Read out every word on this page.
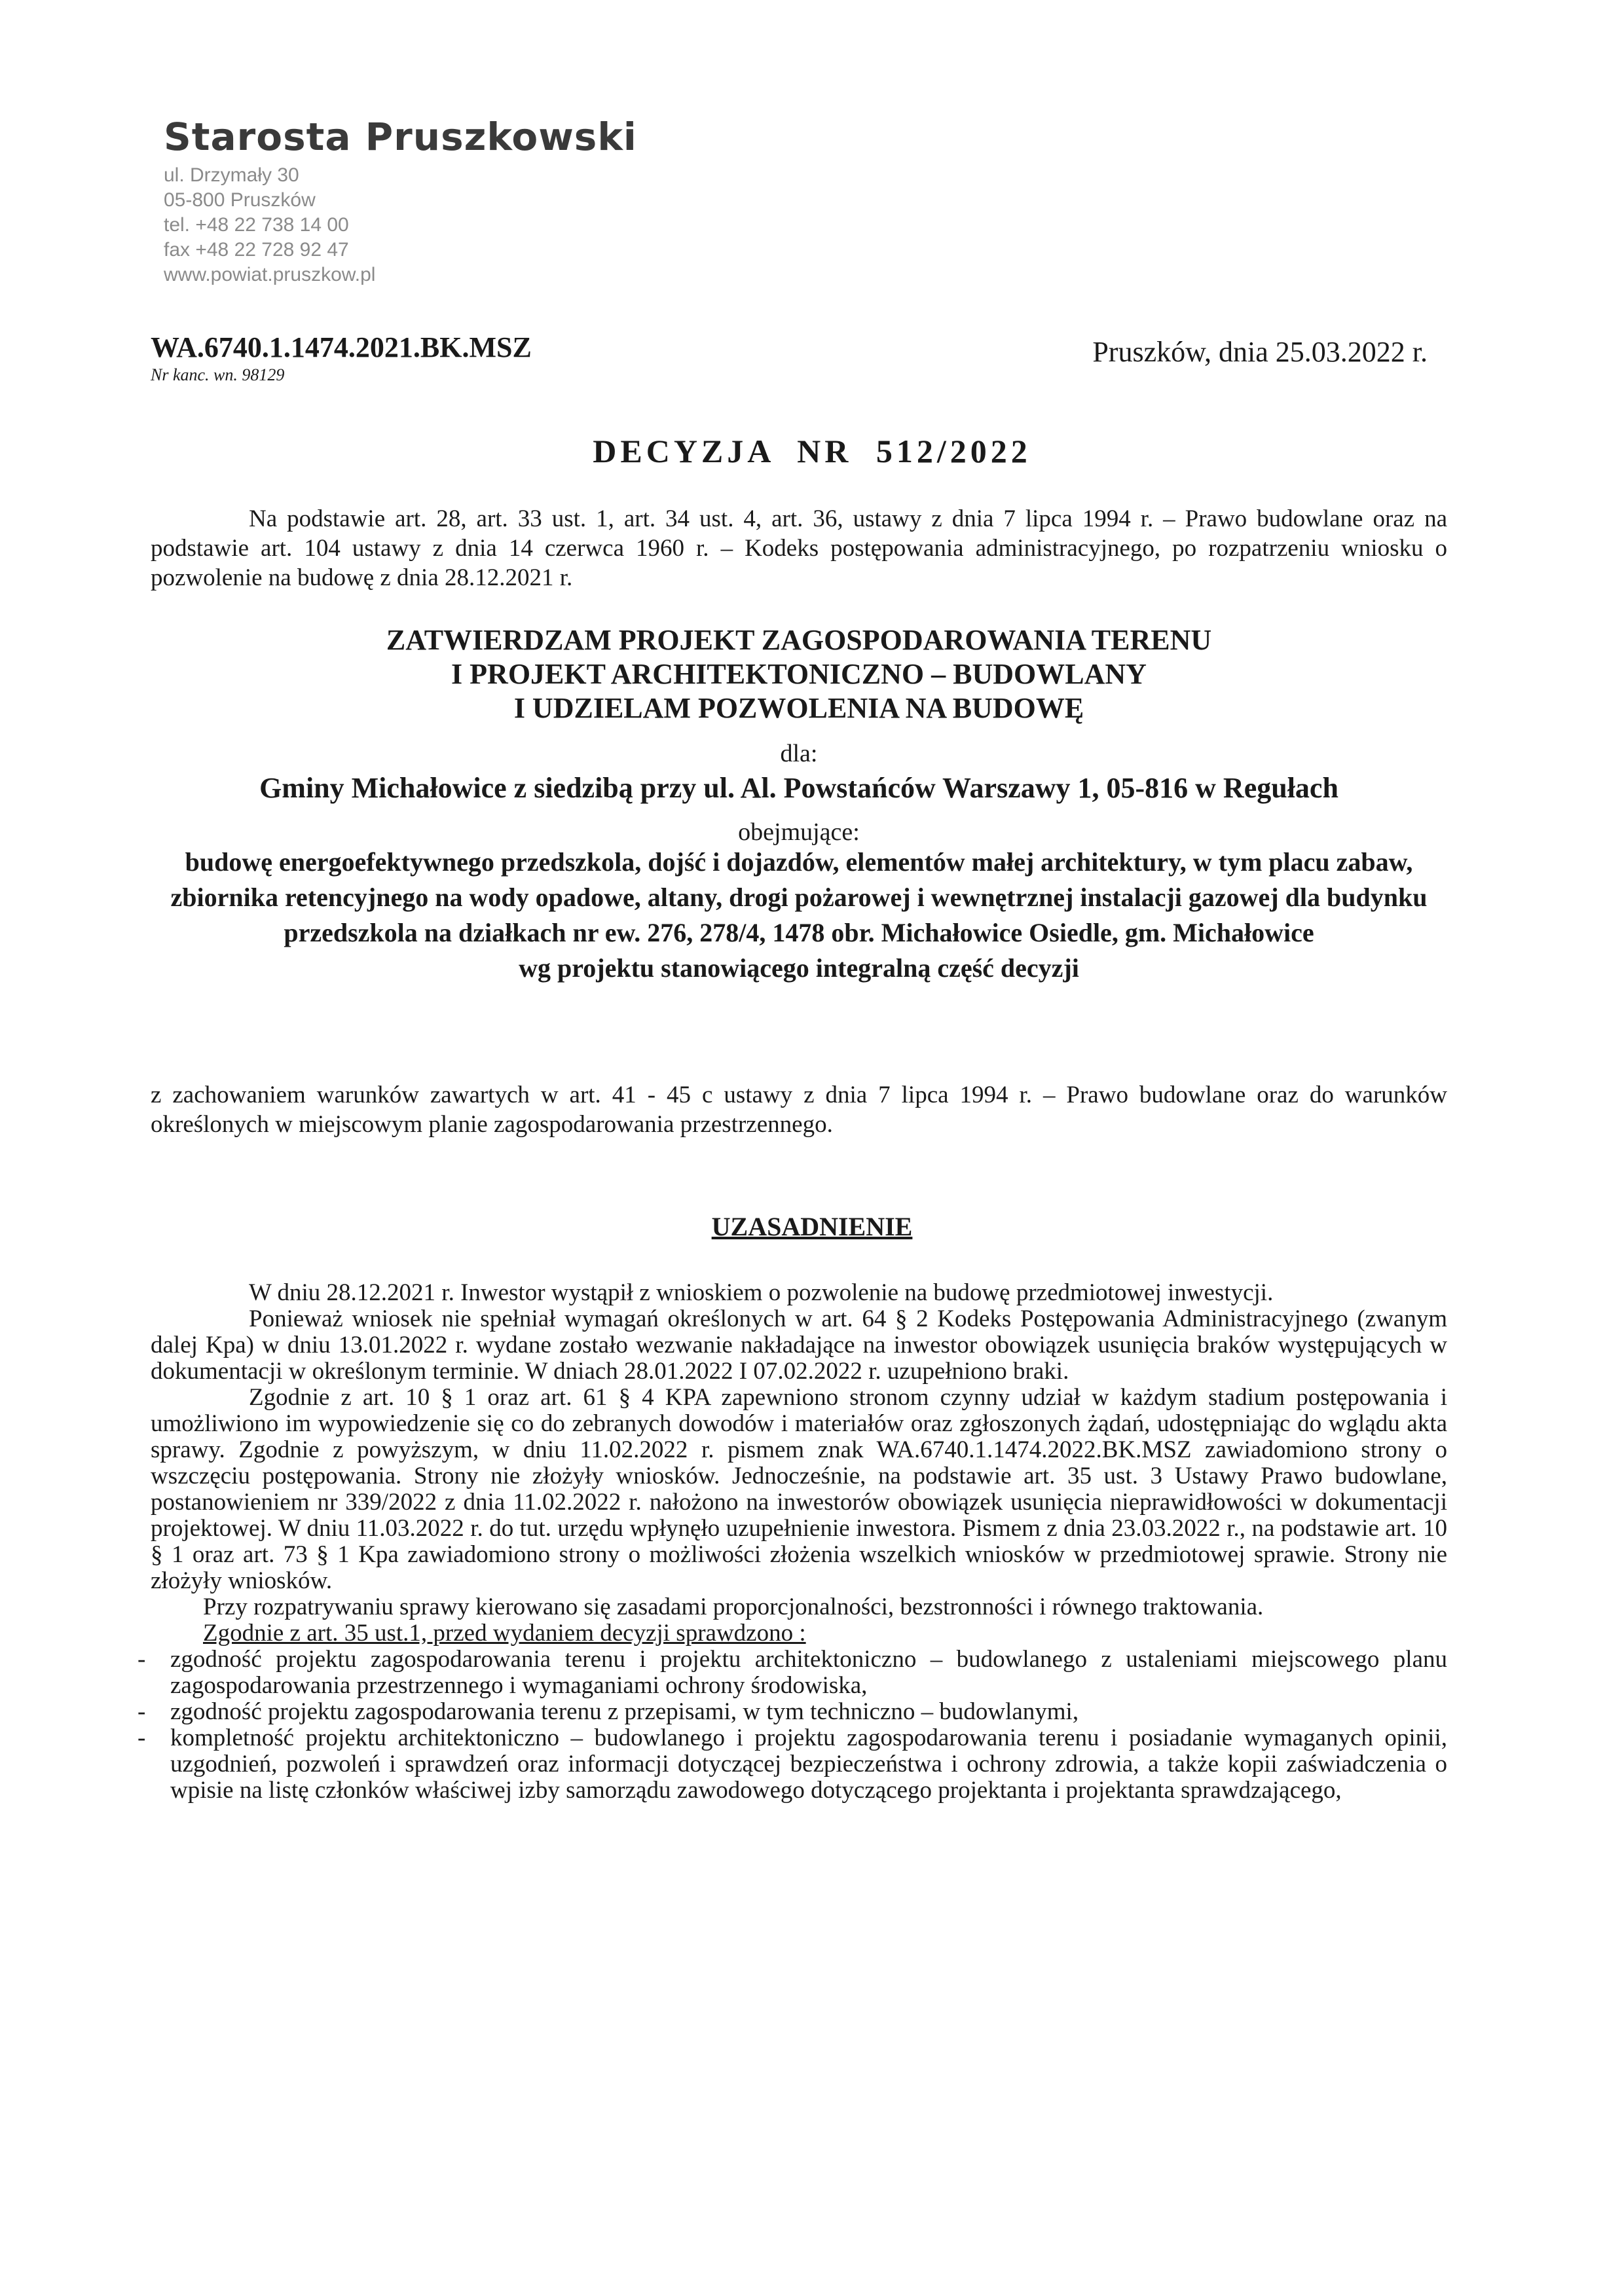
Starosta Pruszkowski

ul. Drzymały 30
05-800 Pruszków
tel. +48 22 738 14 00
fax +48 22 728 92 47
www.powiat.pruszkow.pl

WA.6740.1.1474.2021.BK.MSZ

Nr kanc. wn. 98129

Pruszków, dnia 25.03.2022 r.
DECYZJA NR 512/2022
Na podstawie art. 28, art. 33 ust. 1, art. 34 ust. 4, art. 36, ustawy z dnia 7 lipca 1994 r. – Prawo budowlane oraz na podstawie art. 104 ustawy z dnia 14 czerwca 1960 r. – Kodeks postępowania administracyjnego, po rozpatrzeniu wniosku o pozwolenie na budowę z dnia 28.12.2021 r.

ZATWIERDZAM PROJEKT ZAGOSPODAROWANIA TERENU

I PROJEKT ARCHITEKTONICZNO – BUDOWLANY

I UDZIELAM POZWOLENIA NA BUDOWĘ

dla:

Gminy Michałowice z siedzibą przy ul. Al. Powstańców Warszawy 1, 05-816 w Regułach

obejmujące:

budowę energoefektywnego przedszkola, dojść i dojazdów, elementów małej architektury, w tym placu zabaw, zbiornika retencyjnego na wody opadowe, altany, drogi pożarowej i wewnętrznej instalacji gazowej dla budynku przedszkola na działkach nr ew. 276, 278/4, 1478 obr. Michałowice Osiedle, gm. Michałowice

wg projektu stanowiącego integralną część decyzji

z zachowaniem warunków zawartych w art. 41 - 45 c ustawy z dnia 7 lipca 1994 r. – Prawo budowlane oraz do warunków określonych w miejscowym planie zagospodarowania przestrzennego.
UZASADNIENIE

W dniu 28.12.2021 r. Inwestor wystąpił z wnioskiem o pozwolenie na budowę przedmiotowej inwestycji.

Ponieważ wniosek nie spełniał wymagań określonych w art. 64 § 2 Kodeks Postępowania Administracyjnego (zwanym dalej Kpa) w dniu 13.01.2022 r. wydane zostało wezwanie nakładające na inwestor obowiązek usunięcia braków występujących w dokumentacji w określonym terminie. W dniach 28.01.2022 I 07.02.2022 r. uzupełniono braki.

Zgodnie z art. 10 § 1 oraz art. 61 § 4 KPA zapewniono stronom czynny udział w każdym stadium postępowania i umożliwiono im wypowiedzenie się co do zebranych dowodów i materiałów oraz zgłoszonych żądań, udostępniając do wglądu akta sprawy. Zgodnie z powyższym, w dniu 11.02.2022 r. pismem znak WA.6740.1.1474.2022.BK.MSZ zawiadomiono strony o wszczęciu postępowania. Strony nie złożyły wniosków. Jednocześnie, na podstawie art. 35 ust. 3 Ustawy Prawo budowlane, postanowieniem nr 339/2022 z dnia 11.02.2022 r. nałożono na inwestorów obowiązek usunięcia nieprawidłowości w dokumentacji projektowej. W dniu 11.03.2022 r. do tut. urzędu wpłynęło uzupełnienie inwestora. Pismem z dnia 23.03.2022 r., na podstawie art. 10 § 1 oraz art. 73 § 1 Kpa zawiadomiono strony o możliwości złożenia wszelkich wniosków w przedmiotowej sprawie. Strony nie złożyły wniosków.

Przy rozpatrywaniu sprawy kierowano się zasadami proporcjonalności, bezstronności i równego traktowania.

Zgodnie z art. 35 ust.1, przed wydaniem decyzji sprawdzono :

- zgodność projektu zagospodarowania terenu i projektu architektoniczno – budowlanego z ustaleniami miejscowego planu zagospodarowania przestrzennego i wymaganiami ochrony środowiska,
- zgodność projektu zagospodarowania terenu z przepisami, w tym techniczno – budowlanymi,
- kompletność projektu architektoniczno – budowlanego i projektu zagospodarowania terenu i posiadanie wymaganych opinii, uzgodnień, pozwoleń i sprawdzeń oraz informacji dotyczącej bezpieczeństwa i ochrony zdrowia, a także kopii zaświadczenia o wpisie na listę członków właściwej izby samorządu zawodowego dotyczącego projektanta i projektanta sprawdzającego,
